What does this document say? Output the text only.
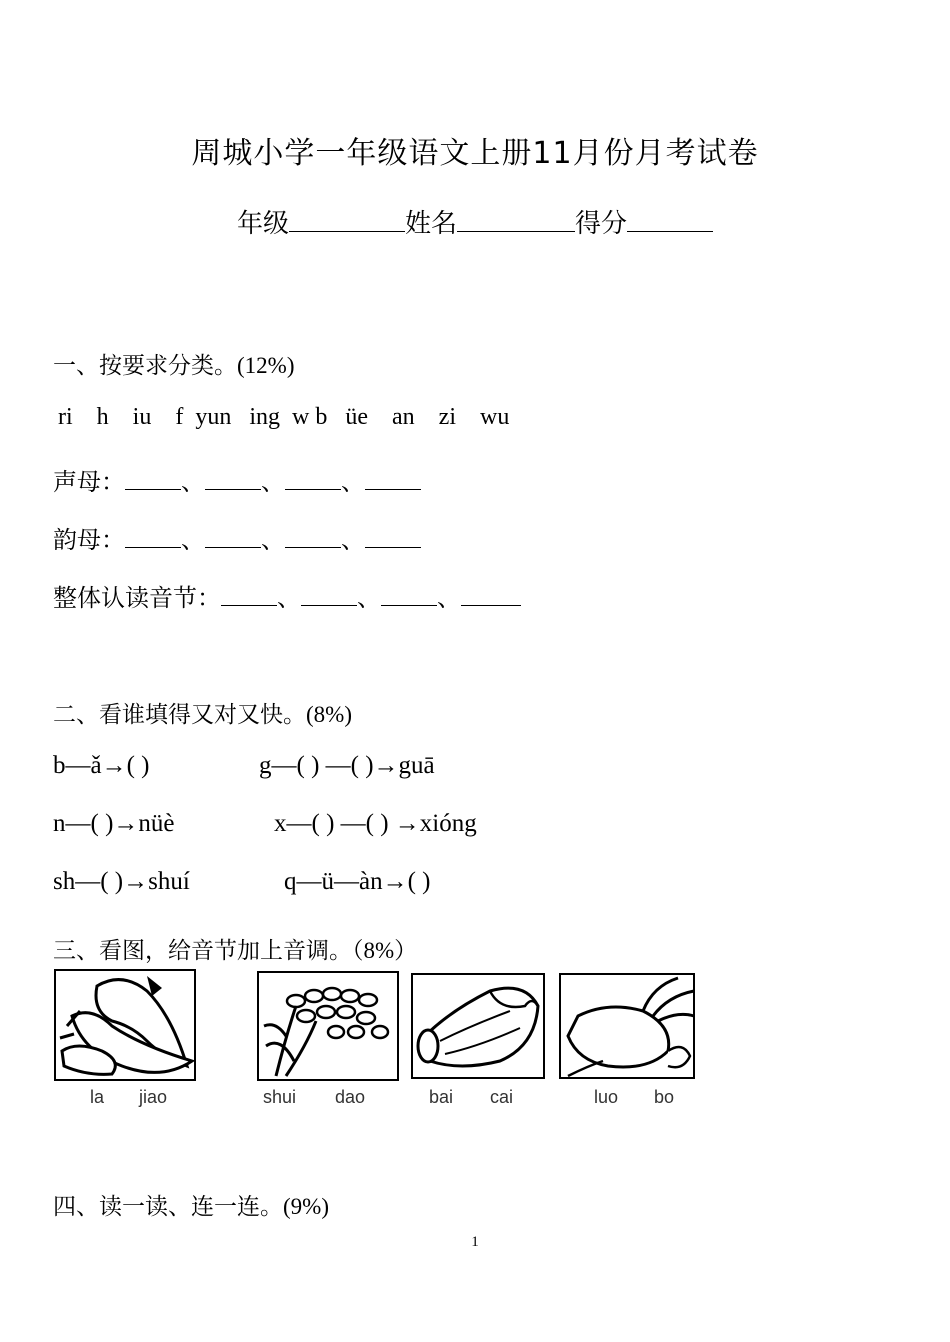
周城小学一年级语文上册11月份月考试卷
年级	姓名	得分
一、按要求分类。(12%)
ri h iu f yun ing w b üe an zi wu
声母： 、 、 、
韵母： 、 、 、
整体认读音节： 、 、 、
二、看谁填得又对又快。(8%)
b—ǎ→( )	g—( ) —( )→guā
n—( )→nüè	x—( ) —( ) →xióng
sh—( )→shuí	q—ü—àn→( )
三、看图，给音节加上音调。（8%）
la jiao	shui dao	bai cai	luo bo
四、读一读、连一连。(9%)
1
